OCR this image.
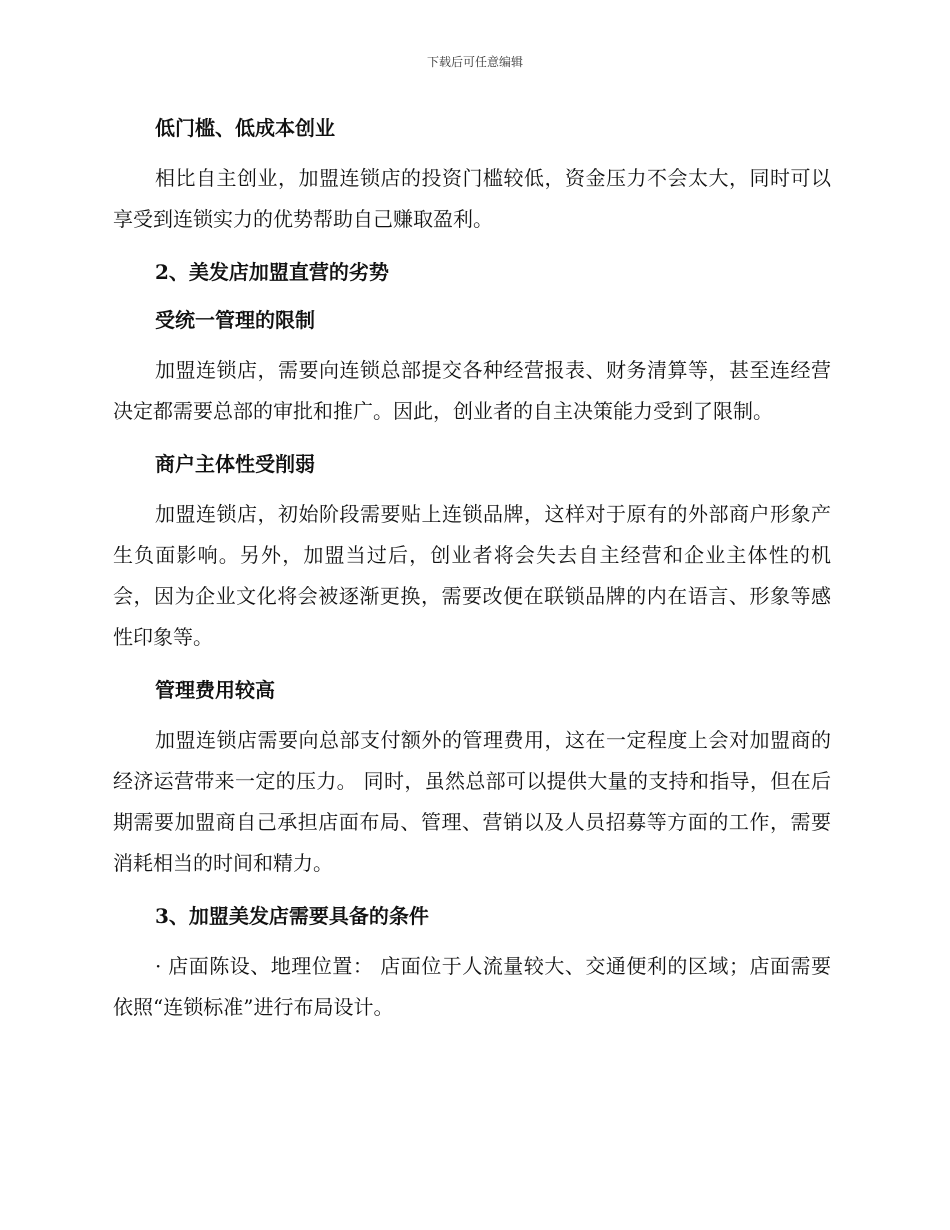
下载后可任意编辑
低门槛、低成本创业

相比自主创业，加盟连锁店的投资门槛较低，资金压力不会太大，同时可以享受到连锁实力的优势帮助自己赚取盈利。

2、美发店加盟直营的劣势
受统一管理的限制

加盟连锁店，需要向连锁总部提交各种经营报表、财务清算等，甚至连经营决定都需要总部的审批和推广。因此，创业者的自主决策能力受到了限制。

商户主体性受削弱

加盟连锁店，初始阶段需要贴上连锁品牌，这样对于原有的外部商户形象产生负面影响。另外，加盟当过后，创业者将会失去自主经营和企业主体性的机会，因为企业文化将会被逐渐更换，需要改便在联锁品牌的内在语言、形象等感性印象等。

管理费用较高

加盟连锁店需要向总部支付额外的管理费用，这在一定程度上会对加盟商的经济运营带来一定的压力。 同时，虽然总部可以提供大量的支持和指导，但在后期需要加盟商自己承担店面布局、管理、营销以及人员招募等方面的工作，需要消耗相当的时间和精力。

3、加盟美发店需要具备的条件

· 店面陈设、地理位置： 店面位于人流量较大、交通便利的区域；店面需要依照“连锁标准”进行布局设计。
